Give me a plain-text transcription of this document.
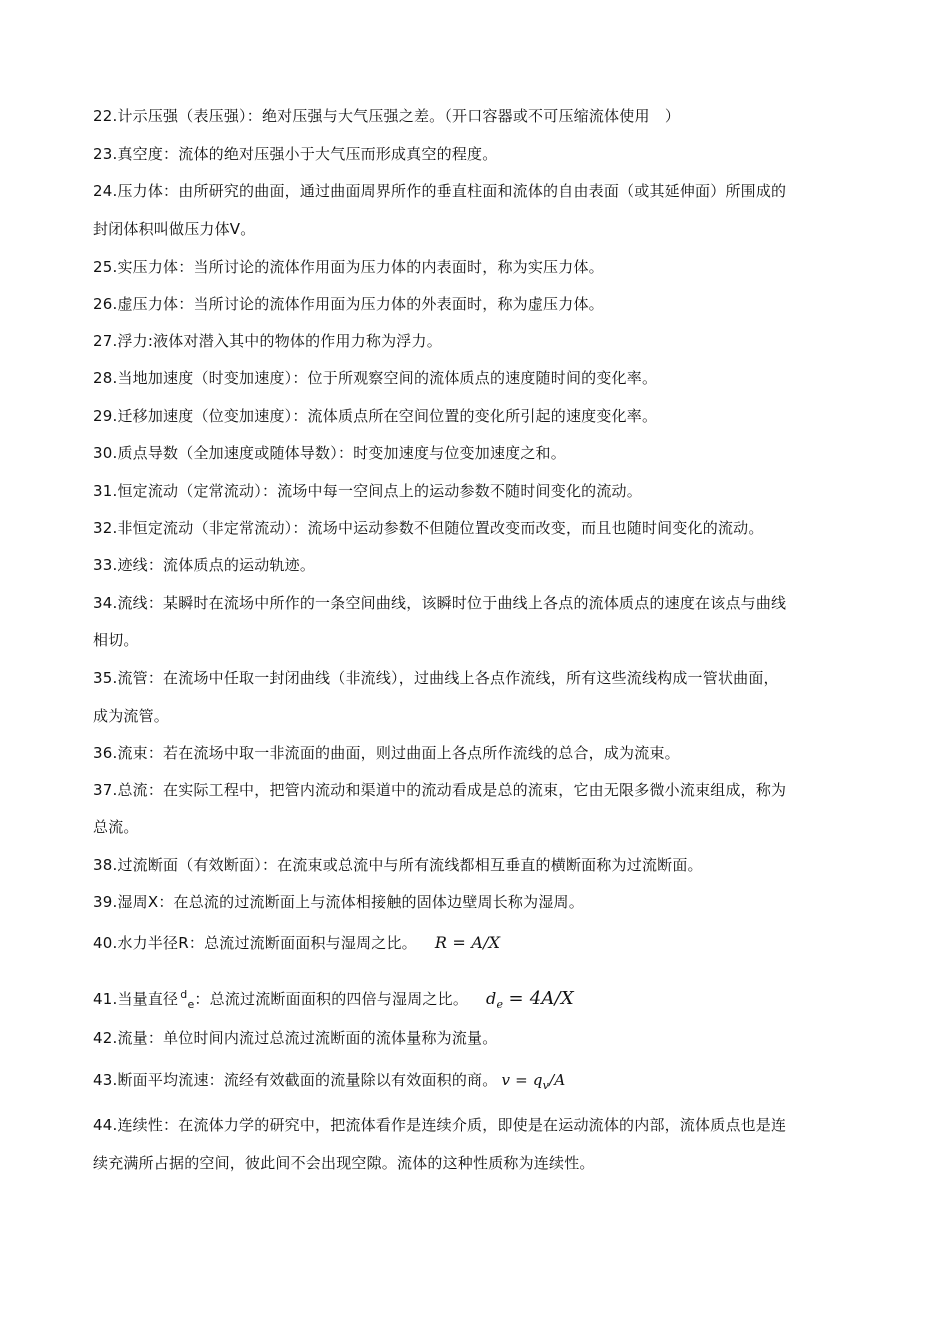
22.计示压强（表压强）：绝对压强与大气压强之差。（开口容器或不可压缩流体使用　）

23.真空度：流体的绝对压强小于大气压而形成真空的程度。

24.压力体：由所研究的曲面，通过曲面周界所作的垂直柱面和流体的自由表面（或其延伸面）所围成的

封闭体积叫做压力体V。

25.实压力体：当所讨论的流体作用面为压力体的内表面时，称为实压力体。

26.虚压力体：当所讨论的流体作用面为压力体的外表面时，称为虚压力体。

27.浮力:液体对潜入其中的物体的作用力称为浮力。

28.当地加速度（时变加速度）：位于所观察空间的流体质点的速度随时间的变化率。

29.迁移加速度（位变加速度）：流体质点所在空间位置的变化所引起的速度变化率。

30.质点导数（全加速度或随体导数）：时变加速度与位变加速度之和。

31.恒定流动（定常流动）：流场中每一空间点上的运动参数不随时间变化的流动。

32.非恒定流动（非定常流动）：流场中运动参数不但随位置改变而改变，而且也随时间变化的流动。

33.迹线：流体质点的运动轨迹。

34.流线：某瞬时在流场中所作的一条空间曲线，该瞬时位于曲线上各点的流体质点的速度在该点与曲线

相切。

35.流管：在流场中任取一封闭曲线（非流线），过曲线上各点作流线，所有这些流线构成一管状曲面，

成为流管。

36.流束：若在流场中取一非流面的曲面，则过曲面上各点所作流线的总合，成为流束。

37.总流：在实际工程中，把管内流动和渠道中的流动看成是总的流束，它由无限多微小流束组成，称为

总流。

38.过流断面（有效断面）：在流束或总流中与所有流线都相互垂直的横断面称为过流断面。

39.湿周X：在总流的过流断面上与流体相接触的固体边壁周长称为湿周。

40.水力半径R：总流过流断面面积与湿周之比。 R = A/X

41.当量直径 $^d_e$：总流过流断面面积的四倍与湿周之比。 $d_e = 4A/X$

42.流量：单位时间内流过总流过流断面的流体量称为流量。

43.断面平均流速：流经有效截面的流量除以有效面积的商。 $v = q_v/A$

44.连续性：在流体力学的研究中，把流体看作是连续介质，即使是在运动流体的内部，流体质点也是连

续充满所占据的空间，彼此间不会出现空隙。流体的这种性质称为连续性。
